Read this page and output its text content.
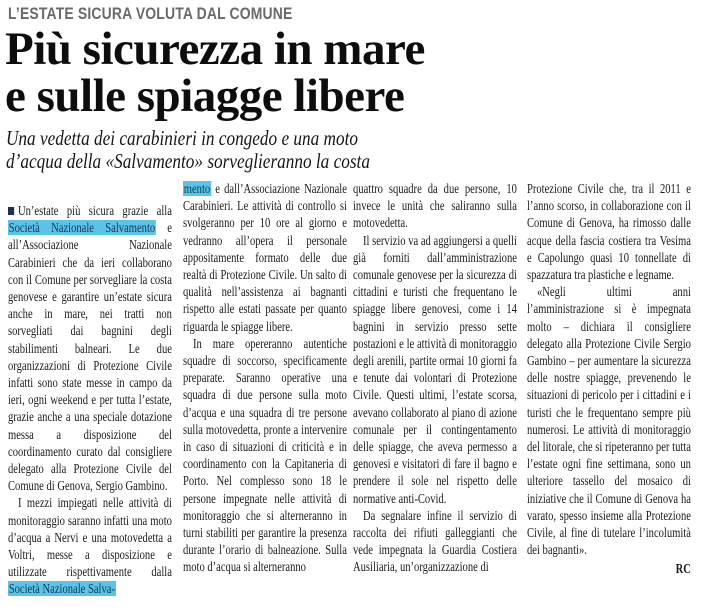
L’ESTATE SICURA VOLUTA DAL COMUNE
Più sicurezza in mare
e sulle spiagge libere
Una vedetta dei carabinieri in congedo e una moto
d’acqua della «Salvamento» sorveglieranno la costa

Un’estate più sicura grazie alla Società Nazionale Salvamento e all’Associazione Nazionale Carabinieri che da ieri collaborano con il Comune per sorvegliare la costa genovese e garantire un’estate sicura anche in mare, nei tratti non sorvegliati dai bagnini degli stabilimenti balneari. Le due organizzazioni di Protezione Civile infatti sono state messe in campo da ieri, ogni weekend e per tutta l’estate, grazie anche a una speciale dotazione messa a disposizione del coordinamento curato dal consigliere delegato alla Protezione Civile del Comune di Genova, Sergio Gambino.

I mezzi impiegati nelle attività di monitoraggio saranno infatti una moto d’acqua a Nervi e una motovedetta a Voltri, messe a disposizione e utilizzate rispettivamente dalla Società Nazionale Salva-

mento e dall’Associazione Nazionale Carabinieri. Le attività di controllo si svolgeranno per 10 ore al giorno e vedranno all’opera il personale appositamente formato delle due realtà di Protezione Civile. Un salto di qualità nell’assistenza ai bagnanti rispetto alle estati passate per quanto riguarda le spiagge libere.

In mare opereranno autentiche squadre di soccorso, specificamente preparate. Saranno operative una squadra di due persone sulla moto d’acqua e una squadra di tre persone sulla motovedetta, pronte a intervenire in caso di situazioni di criticità e in coordinamento con la Capitaneria di Porto. Nel complesso sono 18 le persone impegnate nelle attività di monitoraggio che si alterneranno in turni stabiliti per garantire la presenza durante l’orario di balneazione. Sulla moto d’acqua si alterneranno

quattro squadre da due persone, 10 invece le unità che saliranno sulla motovedetta.

Il servizio va ad aggiungersi a quelli già forniti dall’amministrazione comunale genovese per la sicurezza di cittadini e turisti che frequentano le spiagge libere genovesi, come i 14 bagnini in servizio presso sette postazioni e le attività di monitoraggio degli arenili, partite ormai 10 giorni fa e tenute dai volontari di Protezione Civile. Questi ultimi, l’estate scorsa, avevano collaborato al piano di azione comunale per il contingentamento delle spiagge, che aveva permesso a genovesi e visitatori di fare il bagno e prendere il sole nel rispetto delle normative anti-Covid.

Da segnalare infine il servizio di raccolta dei rifiuti galleggianti che vede impegnata la Guardia Costiera Ausiliaria, un’organizzazione di

Protezione Civile che, tra il 2011 e l’anno scorso, in collaborazione con il Comune di Genova, ha rimosso dalle acque della fascia costiera tra Vesima e Capolungo quasi 10 tonnellate di spazzatura tra plastiche e legname.

«Negli ultimi anni l’amministrazione si è impegnata molto – dichiara il consigliere delegato alla Protezione Civile Sergio Gambino – per aumentare la sicurezza delle nostre spiagge, prevenendo le situazioni di pericolo per i cittadini e i turisti che le frequentano sempre più numerosi. Le attività di monitoraggio del litorale, che si ripeteranno per tutta l’estate ogni fine settimana, sono un ulteriore tassello del mosaico di iniziative che il Comune di Genova ha varato, spesso insieme alla Protezione Civile, al fine di tutelare l’incolumità dei bagnanti».

RC
